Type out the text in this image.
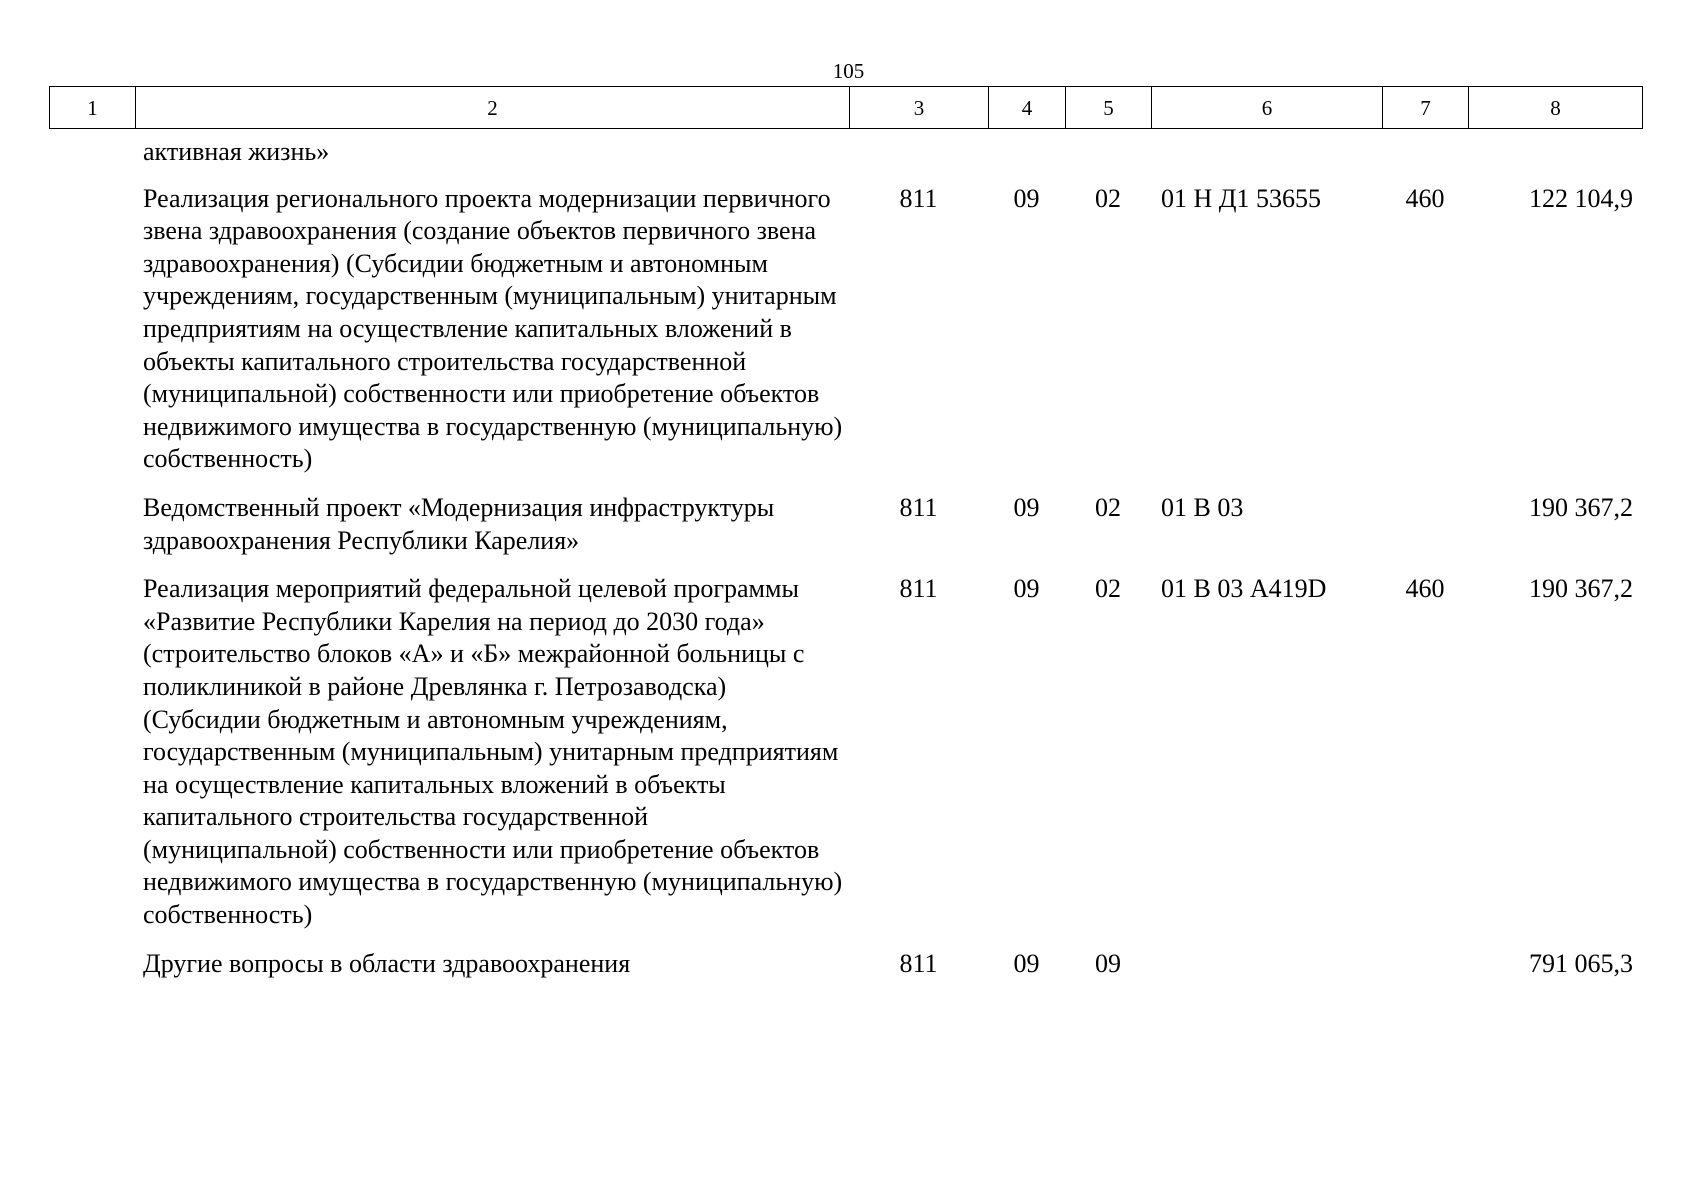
105
1	2	3	4	5	6	7	8
активная жизнь»						
Реализация регионального проекта модернизации первичного звена здравоохранения (создание объектов первичного звена здравоохранения) (Субсидии бюджетным и автономным учреждениям, государственным (муниципальным) унитарным предприятиям на осуществление капитальных вложений в объекты капитального строительства государственной (муниципальной) собственности или приобретение объектов недвижимого имущества в государственную (муниципальную) собственность)	811	09	02	01 Н Д1 53655	460	122 104,9
Ведомственный проект «Модернизация инфраструктуры здравоохранения Республики Карелия»	811	09	02	01 В 03		190 367,2
Реализация мероприятий федеральной целевой программы «Развитие Республики Карелия на период до 2030 года» (строительство блоков «А» и «Б» межрайонной больницы с поликлиникой в районе Древлянка г. Петрозаводска) (Субсидии бюджетным и автономным учреждениям, государственным (муниципальным) унитарным предприятиям на осуществление капитальных вложений в объекты капитального строительства государственной (муниципальной) собственности или приобретение объектов недвижимого имущества в государственную (муниципальную) собственность)	811	09	02	01 В 03 A419D	460	190 367,2
Другие вопросы в области здравоохранения	811	09	09			791 065,3
